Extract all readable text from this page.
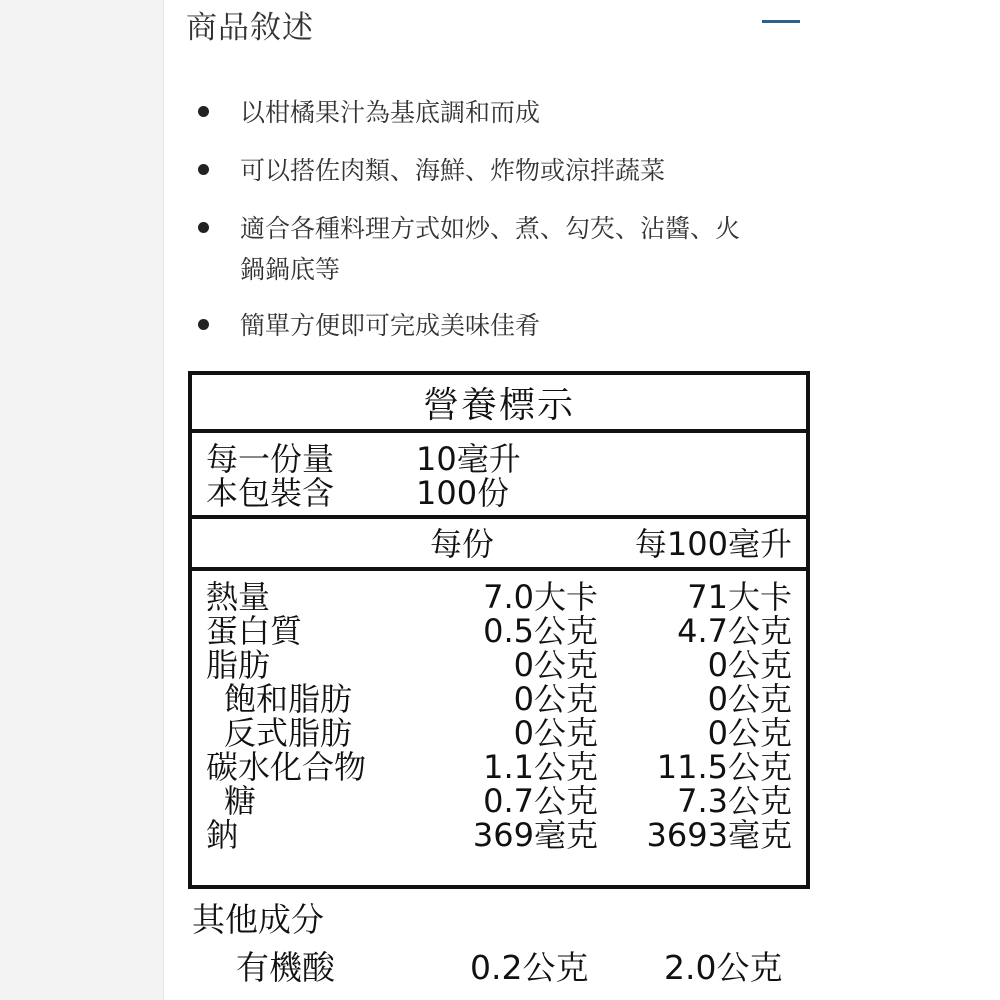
商品敘述
以柑橘果汁為基底調和而成
可以搭佐肉類、海鮮、炸物或涼拌蔬菜
適合各種料理方式如炒、煮、勾芡、沾醬、火鍋鍋底等
簡單方便即可完成美味佳肴
營養標示
每一份量	10毫升
本包裝含	100份
每份	每100毫升
熱量	7.0大卡	71大卡
蛋白質	0.5公克 4.7公克
脂肪	0公克	0公克
飽和脂肪	0公克	0公克
反式脂肪	0公克	0公克
碳水化合物	1.1公克 11.5公克
糖	0.7公克 7.3公克
鈉	369毫克 3693毫克
其他成分
有機酸	0.2公克 2.0公克
